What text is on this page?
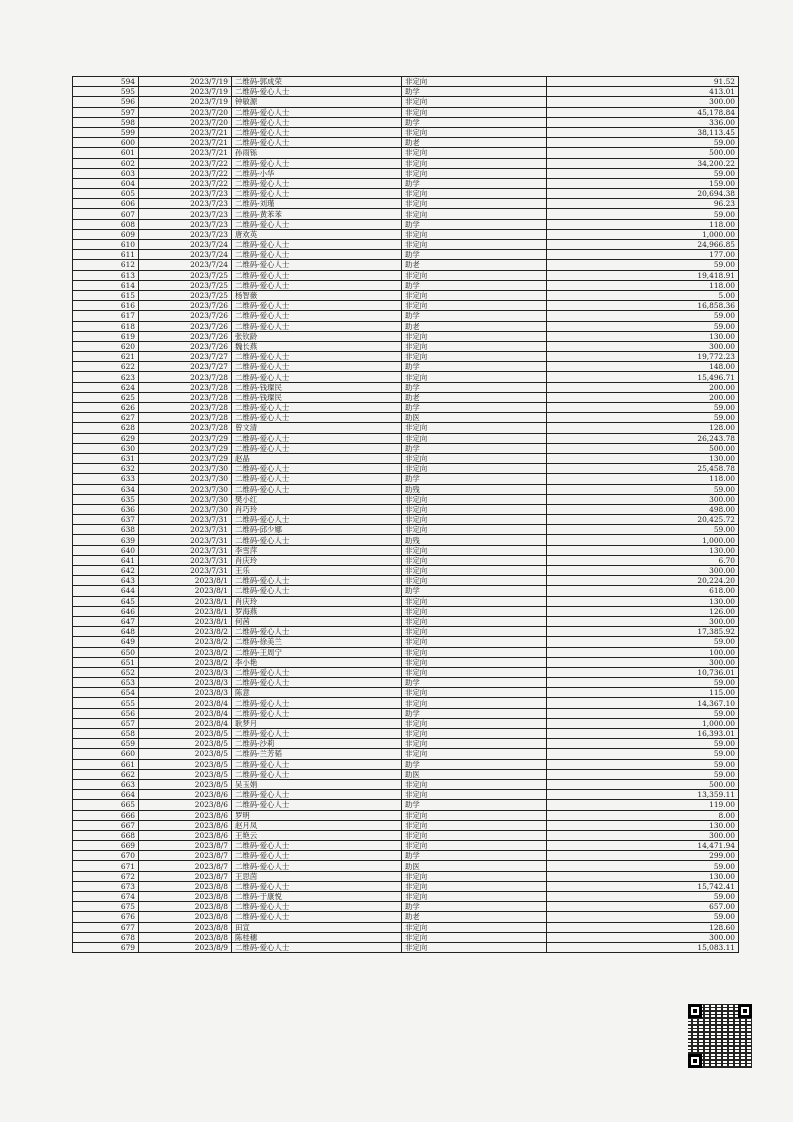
594	2023/7/19	二维码-郭成荣	非定向	91.52
595	2023/7/19	二维码-爱心人士	助学	413.01
596	2023/7/19	钟敏源	非定向	300.00
597	2023/7/20	二维码-爱心人士	非定向	45,178.84
598	2023/7/20	二维码-爱心人士	助学	336.00
599	2023/7/21	二维码-爱心人士	非定向	38,113.45
600	2023/7/21	二维码-爱心人士	助老	59.00
601	2023/7/21	孙雨铄	非定向	500.00
602	2023/7/22	二维码-爱心人士	非定向	34,200.22
603	2023/7/22	二维码-小华	非定向	59.00
604	2023/7/22	二维码-爱心人士	助学	159.00
605	2023/7/23	二维码-爱心人士	非定向	20,694.38
606	2023/7/23	二维码-刘瑾	非定向	96.23
607	2023/7/23	二维码-黄苯苯	非定向	59.00
608	2023/7/23	二维码-爱心人士	助学	118.00
609	2023/7/23	唐欢英	非定向	1,000.00
610	2023/7/24	二维码-爱心人士	非定向	24,966.85
611	2023/7/24	二维码-爱心人士	助学	177.00
612	2023/7/24	二维码-爱心人士	助老	59.00
613	2023/7/25	二维码-爱心人士	非定向	19,418.91
614	2023/7/25	二维码-爱心人士	助学	118.00
615	2023/7/25	杨智薇	非定向	5.00
616	2023/7/26	二维码-爱心人士	非定向	16,858.36
617	2023/7/26	二维码-爱心人士	助学	59.00
618	2023/7/26	二维码-爱心人士	助老	59.00
619	2023/7/26	张钦龄	非定向	130.00
620	2023/7/26	魏长燕	非定向	300.00
621	2023/7/27	二维码-爱心人士	非定向	19,772.23
622	2023/7/27	二维码-爱心人士	助学	148.00
623	2023/7/28	二维码-爱心人士	非定向	15,496.71
624	2023/7/28	二维码-钱璨民	助学	200.00
625	2023/7/28	二维码-钱璨民	助老	200.00
626	2023/7/28	二维码-爱心人士	助学	59.00
627	2023/7/28	二维码-爱心人士	助医	59.00
628	2023/7/28	曾文清	非定向	128.00
629	2023/7/29	二维码-爱心人士	非定向	26,243.78
630	2023/7/29	二维码-爱心人士	助学	500.00
631	2023/7/29	赵晶	非定向	130.00
632	2023/7/30	二维码-爱心人士	非定向	25,458.78
633	2023/7/30	二维码-爱心人士	助学	118.00
634	2023/7/30	二维码-爱心人士	助残	59.00
635	2023/7/30	樊小红	非定向	300.00
636	2023/7/30	肖巧玲	非定向	498.00
637	2023/7/31	二维码-爱心人士	非定向	20,425.72
638	2023/7/31	二维码-邱少娜	非定向	59.00
639	2023/7/31	二维码-爱心人士	助残	1,000.00
640	2023/7/31	李雪萍	非定向	130.00
641	2023/7/31	肖庆玲	非定向	6.70
642	2023/7/31	王乐	非定向	300.00
643	2023/8/1	二维码-爱心人士	非定向	20,224.20
644	2023/8/1	二维码-爱心人士	助学	618.00
645	2023/8/1	肖庆玲	非定向	130.00
646	2023/8/1	罗海燕	非定向	126.00
647	2023/8/1	何茜	非定向	300.00
648	2023/8/2	二维码-爱心人士	非定向	17,385.92
649	2023/8/2	二维码-徐美兰	非定向	59.00
650	2023/8/2	二维码-王周宁	非定向	100.00
651	2023/8/2	李小艳	非定向	300.00
652	2023/8/3	二维码-爱心人士	非定向	10,736.01
653	2023/8/3	二维码-爱心人士	助学	59.00
654	2023/8/3	陈意	非定向	115.00
655	2023/8/4	二维码-爱心人士	非定向	14,367.10
656	2023/8/4	二维码-爱心人士	助学	59.00
657	2023/8/4	耿梦月	非定向	1,000.00
658	2023/8/5	二维码-爱心人士	非定向	16,393.01
659	2023/8/5	二维码-沙莉	非定向	59.00
660	2023/8/5	二维码-兰芳韬	非定向	59.00
661	2023/8/5	二维码-爱心人士	助学	59.00
662	2023/8/5	二维码-爱心人士	助医	59.00
663	2023/8/5	吴玉娟	非定向	500.00
664	2023/8/6	二维码-爱心人士	非定向	13,359.11
665	2023/8/6	二维码-爱心人士	助学	119.00
666	2023/8/6	罗明	非定向	8.00
667	2023/8/6	赵月凤	非定向	130.00
668	2023/8/6	王艳云	非定向	300.00
669	2023/8/7	二维码-爱心人士	非定向	14,471.94
670	2023/8/7	二维码-爱心人士	助学	299.00
671	2023/8/7	二维码-爱心人士	助医	59.00
672	2023/8/7	王思茵	非定向	130.00
673	2023/8/8	二维码-爱心人士	非定向	15,742.41
674	2023/8/8	二维码-于康悦	非定向	59.00
675	2023/8/8	二维码-爱心人士	助学	657.00
676	2023/8/8	二维码-爱心人士	助老	59.00
677	2023/8/8	田宣	非定向	128.60
678	2023/8/8	陈桂穗	非定向	300.00
679	2023/8/9	二维码-爱心人士	非定向	15,083.11
